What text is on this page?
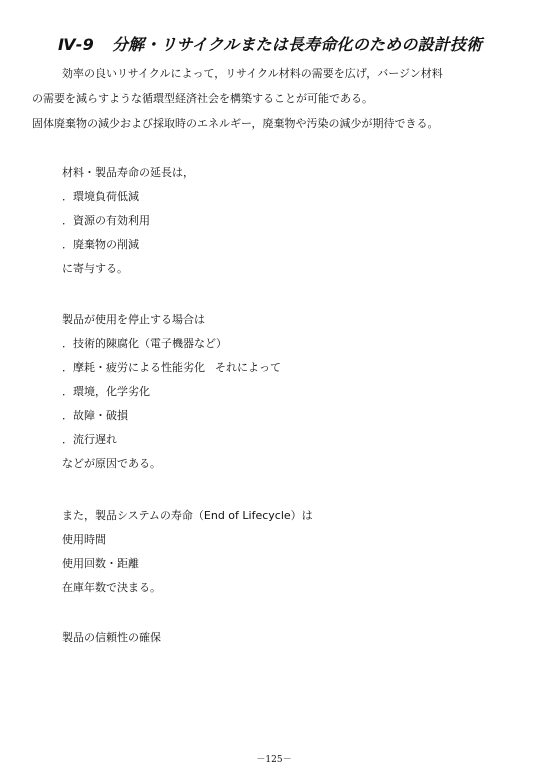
Ⅳ-9 分解・リサイクルまたは長寿命化のための設計技術
効率の良いリサイクルによって，リサイクル材料の需要を広げ，バージン材料
の需要を減らすような循環型経済社会を構築することが可能である。
固体廃棄物の減少および採取時のエネルギー，廃棄物や汚染の減少が期待できる。
材料・製品寿命の延長は，
．環境負荷低減
．資源の有効利用
．廃棄物の削減
に寄与する。
製品が使用を停止する場合は
．技術的陳腐化（電子機器など）
．摩耗・疲労による性能劣化 それによって
．環境，化学劣化
．故障・破損
．流行遅れ
などが原因である。
また，製品システムの寿命（End of Lifecycle）は
使用時間
使用回数・距離
在庫年数で決まる。
製品の信頼性の確保
－125－
